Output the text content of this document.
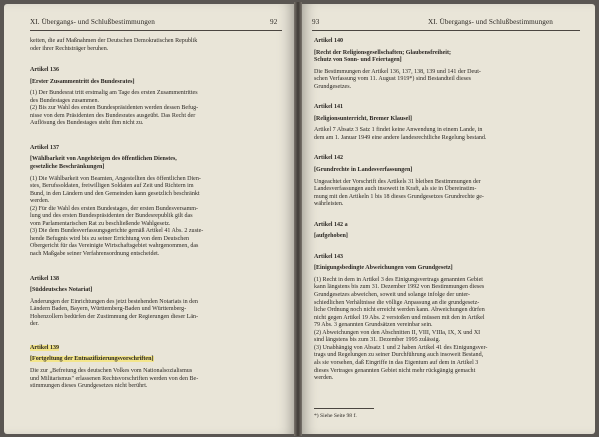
XI. Übergangs- und Schlußbestimmungen	92

keiten, die auf Maßnahmen der Deutschen Demokratischen Republik

oder ihrer Rechtsträger beruhen.

Artikel 136

[Erster Zusammentritt des Bundesrates]

(1) Der Bundesrat tritt erstmalig am Tage des ersten Zusammentrittes

des Bundestages zusammen.

(2) Bis zur Wahl des ersten Bundespräsidenten werden dessen Befug-

nisse von dem Präsidenten des Bundesrates ausgeübt. Das Recht der

Auflösung des Bundestages steht ihm nicht zu.

Artikel 137

[Wählbarkeit von Angehörigen des öffentlichen Dienstes,

gesetzliche Beschränkungen]

(1) Die Wählbarkeit von Beamten, Angestellten des öffentlichen Dien-

stes, Berufssoldaten, freiwilligen Soldaten auf Zeit und Richtern im

Bund, in den Ländern und den Gemeinden kann gesetzlich beschränkt

werden.

(2) Für die Wahl des ersten Bundestages, der ersten Bundesversamm-

lung und des ersten Bundespräsidenten der Bundesrepublik gilt das

vom Parlamentarischen Rat zu beschließende Wahlgesetz.

(3) Die dem Bundesverfassungsgerichte gemäß Artikel 41 Abs. 2 zuste-

hende Befugnis wird bis zu seiner Errichtung von dem Deutschen

Obergericht für das Vereinigte Wirtschaftsgebiet wahrgenommen, das

nach Maßgabe seiner Verfahrensordnung entscheidet.

Artikel 138

[Süddeutsches Notariat]

Änderungen der Einrichtungen des jetzt bestehenden Notariats in den

Ländern Baden, Bayern, Württemberg-Baden und Württemberg-

Hohenzollern bedürfen der Zustimmung der Regierungen dieser Län-

der.

Artikel 139

[Fortgeltung der Entnazifizierungsvorschriften]

Die zur „Befreiung des deutschen Volkes vom Nationalsozialismus

und Militarismus" erlassenen Rechtsvorschriften werden von den Be-

stimmungen dieses Grundgesetzes nicht berührt.

93	XI. Übergangs- und Schlußbestimmungen

Artikel 140

[Recht der Religionsgesellschaften; Glaubensfreiheit;

Schutz von Sonn- und Feiertagen]

Die Bestimmungen der Artikel 136, 137, 138, 139 und 141 der Deut-

schen Verfassung vom 11. August 1919*) sind Bestandteil dieses

Grundgesetzes.

Artikel 141

[Religionsunterricht, Bremer Klausel]

Artikel 7 Absatz 3 Satz 1 findet keine Anwendung in einem Lande, in

dem am 1. Januar 1949 eine andere landesrechtliche Regelung bestand.

Artikel 142

[Grundrechte in Landesverfassungen]

Ungeachtet der Vorschrift des Artikels 31 bleiben Bestimmungen der

Landesverfassungen auch insoweit in Kraft, als sie in Übereinstim-

mung mit den Artikeln 1 bis 18 dieses Grundgesetzes Grundrechte ge-

währleisten.

Artikel 142 a

[aufgehoben]

Artikel 143

[Einigungsbedingte Abweichungen vom Grundgesetz]

(1) Recht in dem in Artikel 3 des Einigungsvertrags genannten Gebiet

kann längstens bis zum 31. Dezember 1992 von Bestimmungen dieses

Grundgesetzes abweichen, soweit und solange infolge der unter-

schiedlichen Verhältnisse die völlige Anpassung an die grundgesetz-

liche Ordnung noch nicht erreicht werden kann. Abweichungen dürfen

nicht gegen Artikel 19 Abs. 2 verstoßen und müssen mit den in Artikel

79 Abs. 3 genannten Grundsätzen vereinbar sein.

(2) Abweichungen von den Abschnitten II, VIII, VIIIa, IX, X und XI

sind längstens bis zum 31. Dezember 1995 zulässig.

(3) Unabhängig von Absatz 1 und 2 haben Artikel 41 des Einigungsver-

trags und Regelungen zu seiner Durchführung auch insoweit Bestand,

als sie vorsehen, daß Eingriffe in das Eigentum auf dem in Artikel 3

dieses Vertrages genannten Gebiet nicht mehr rückgängig gemacht

werden.

*) Siehe Seite 98 f.
